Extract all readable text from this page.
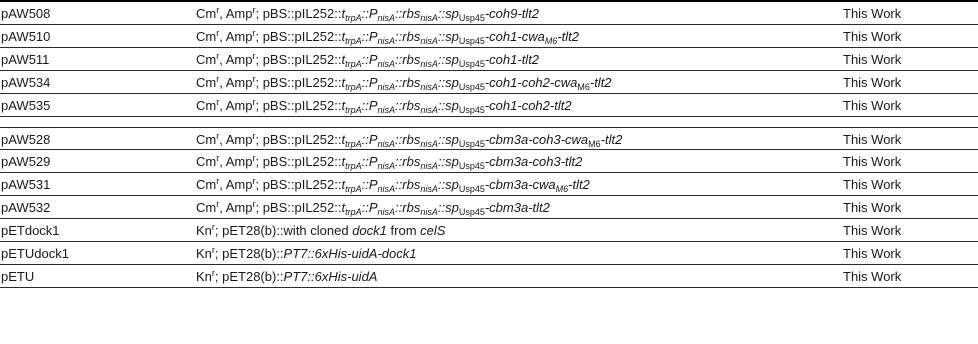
pAW508	Cm$^r$, Amp$^r$; $pBS::pIL252::t_{trpA}::P_{nisA}::rbs_{nisA}::sp_{Usp45}-coh9-tlt2$	This Work
pAW510	Cm$^r$, Amp$^r$; $pBS::pIL252::t_{trpA}::P_{nisA}::rbs_{nisA}::sp_{Usp45}-coh1-cwa_{M6}-tlt2$	This Work
pAW511	Cm$^r$, Amp$^r$; $pBS::pIL252::t_{trpA}::P_{nisA}::rbs_{nisA}::sp_{Usp45}-coh1-tlt2$	This Work
pAW534	Cm$^r$, Amp$^r$; $pBS::pIL252::t_{trpA}::P_{nisA}::rbs_{nisA}::sp_{Usp45}-coh1-coh2-cwa_{M6}-tlt2$	This Work
pAW535	Cm$^r$, Amp$^r$; $pBS::pIL252::t_{trpA}::P_{nisA}::rbs_{nisA}::sp_{Usp45}-coh1-coh2-tlt2$	This Work
pAW528	Cm$^r$, Amp$^r$; $pBS::pIL252::t_{trpA}::P_{nisA}::rbs_{nisA}::sp_{Usp45}-cbm3a-coh3-cwa_{M6}-tlt2$	This Work
pAW529	Cm$^r$, Amp$^r$; $pBS::pIL252::t_{trpA}::P_{nisA}::rbs_{nisA}::sp_{Usp45}-cbm3a-coh3-tlt2$	This Work
pAW531	Cm$^r$, Amp$^r$; $pBS::pIL252::t_{trpA}::P_{nisA}::rbs_{nisA}::sp_{Usp45}-cbm3a-cwa_{M6}-tlt2$	This Work
pAW532	Cm$^r$, Amp$^r$; $pBS::pIL252::t_{trpA}::P_{nisA}::rbs_{nisA}::sp_{Usp45}-cbm3a-tlt2$	This Work
pETdock1	Kn$^r$; pET28(b)::with cloned dock1 from celS	This Work
pETUdock1	Kn$^r$; pET28(b)::PT7::6xHis-uidA-dock1	This Work
pETU	Kn$^r$; pET28(b)::PT7::6xHis-uidA	This Work
